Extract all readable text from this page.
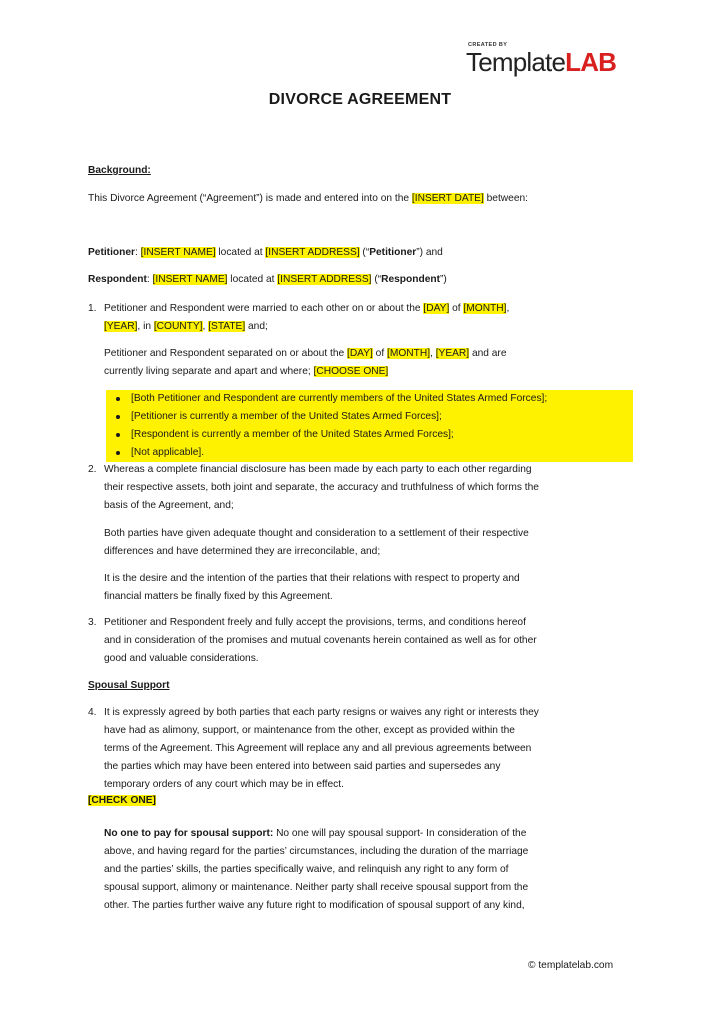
CREATED BY
TemplateLAB
DIVORCE AGREEMENT
Background:
This Divorce Agreement (“Agreement”) is made and entered into on the [INSERT DATE] between:
Petitioner: [INSERT NAME] located at [INSERT ADDRESS] (“Petitioner”) and
Respondent: [INSERT NAME] located at [INSERT ADDRESS] (“Respondent”)
1. Petitioner and Respondent were married to each other on or about the [DAY] of [MONTH],
[YEAR], in [COUNTY], [STATE] and;
Petitioner and Respondent separated on or about the [DAY] of [MONTH], [YEAR] and are
currently living separate and apart and where; [CHOOSE ONE]
[Both Petitioner and Respondent are currently members of the United States Armed Forces];
[Petitioner is currently a member of the United States Armed Forces];
[Respondent is currently a member of the United States Armed Forces];
[Not applicable].
2. Whereas a complete financial disclosure has been made by each party to each other regarding
their respective assets, both joint and separate, the accuracy and truthfulness of which forms the
basis of the Agreement, and;
Both parties have given adequate thought and consideration to a settlement of their respective
differences and have determined they are irreconcilable, and;
It is the desire and the intention of the parties that their relations with respect to property and
financial matters be finally fixed by this Agreement.
3. Petitioner and Respondent freely and fully accept the provisions, terms, and conditions hereof
and in consideration of the promises and mutual covenants herein contained as well as for other
good and valuable considerations.
Spousal Support
4. It is expressly agreed by both parties that each party resigns or waives any right or interests they
have had as alimony, support, or maintenance from the other, except as provided within the
terms of the Agreement. This Agreement will replace any and all previous agreements between
the parties which may have been entered into between said parties and supersedes any
temporary orders of any court which may be in effect.
[CHECK ONE]
No one to pay for spousal support: No one will pay spousal support- In consideration of the
above, and having regard for the parties’ circumstances, including the duration of the marriage
and the parties’ skills, the parties specifically waive, and relinquish any right to any form of
spousal support, alimony or maintenance. Neither party shall receive spousal support from the
other. The parties further waive any future right to modification of spousal support of any kind,
© templatelab.com
